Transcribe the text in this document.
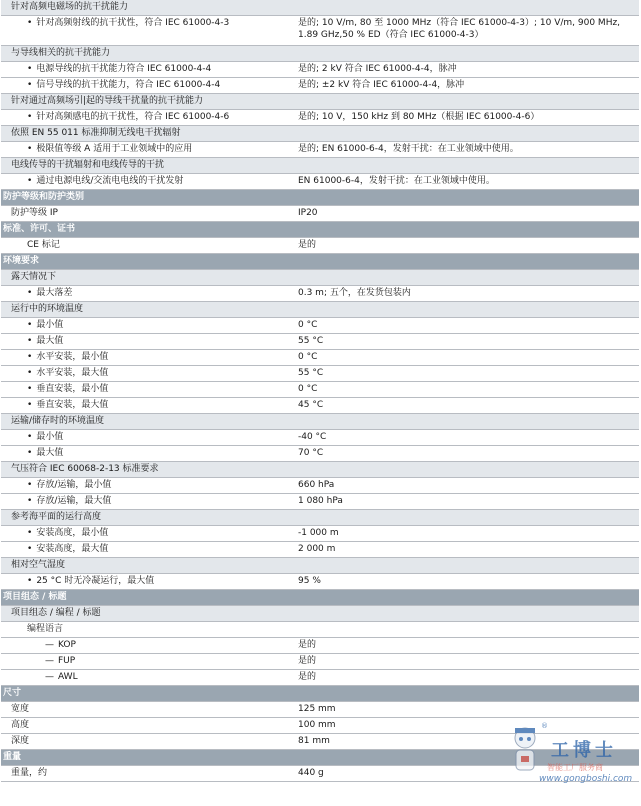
针对高频电磁场的抗干扰能力
• 针对高频射线的抗干扰性，符合 IEC 61000-4-3	是的; 10 V/m, 80 至 1000 MHz（符合 IEC 61000-4-3）; 10 V/m, 900 MHz, 1.89 GHz,50 % ED（符合 IEC 61000-4-3）
与导线相关的抗干扰能力
• 电源导线的抗干扰能力符合 IEC 61000-4-4	是的; 2 kV 符合 IEC 61000-4-4，脉冲
• 信号导线的抗干扰能力，符合 IEC 61000-4-4	是的; ±2 kV 符合 IEC 61000-4-4，脉冲
针对通过高频场引|起的导线干扰量的抗干扰能力
• 针对高频感电的抗干扰性，符合 IEC 61000-4-6	是的; 10 V，150 kHz 到 80 MHz（根据 IEC 61000-4-6）
依照 EN 55 011 标准抑制无线电干扰辐射
• 极限值等级 A 适用于工业领域中的应用	是的; EN 61000-6-4，发射干扰：在工业领域中使用。
电线传导的干扰辐射和电线传导的干扰
• 通过电源电线/交流电电线的干扰发射	EN 61000-6-4，发射干扰：在工业领域中使用。
防护等级和防护类别
防护等级 IP	IP20
标准、许可、证书
CE 标记	是的
环境要求
露天情况下
• 最大落差	0.3 m; 五个，在发货包装内
运行中的环境温度
• 最小值	0 °C
• 最大值	55 °C
• 水平安装，最小值	0 °C
• 水平安装，最大值	55 °C
• 垂直安装，最小值	0 °C
• 垂直安装，最大值	45 °C
运输/储存时的环境温度
• 最小值	-40 °C
• 最大值	70 °C
气压符合 IEC 60068-2-13 标准要求
• 存放/运输，最小值	660 hPa
• 存放/运输，最大值	1 080 hPa
参考海平面的运行高度
• 安装高度，最小值	-1 000 m
• 安装高度，最大值	2 000 m
相对空气湿度
• 25 °C 时无冷凝运行，最大值	95 %
项目组态 / 标题
项目组态 / 编程 / 标题
编程语言
— KOP	是的
— FUP	是的
— AWL	是的
尺寸
宽度	125 mm
高度	100 mm
深度	81 mm
重量
重量，约	440 g
®
工博士
智能工厂服务商
www.gongboshi.com
